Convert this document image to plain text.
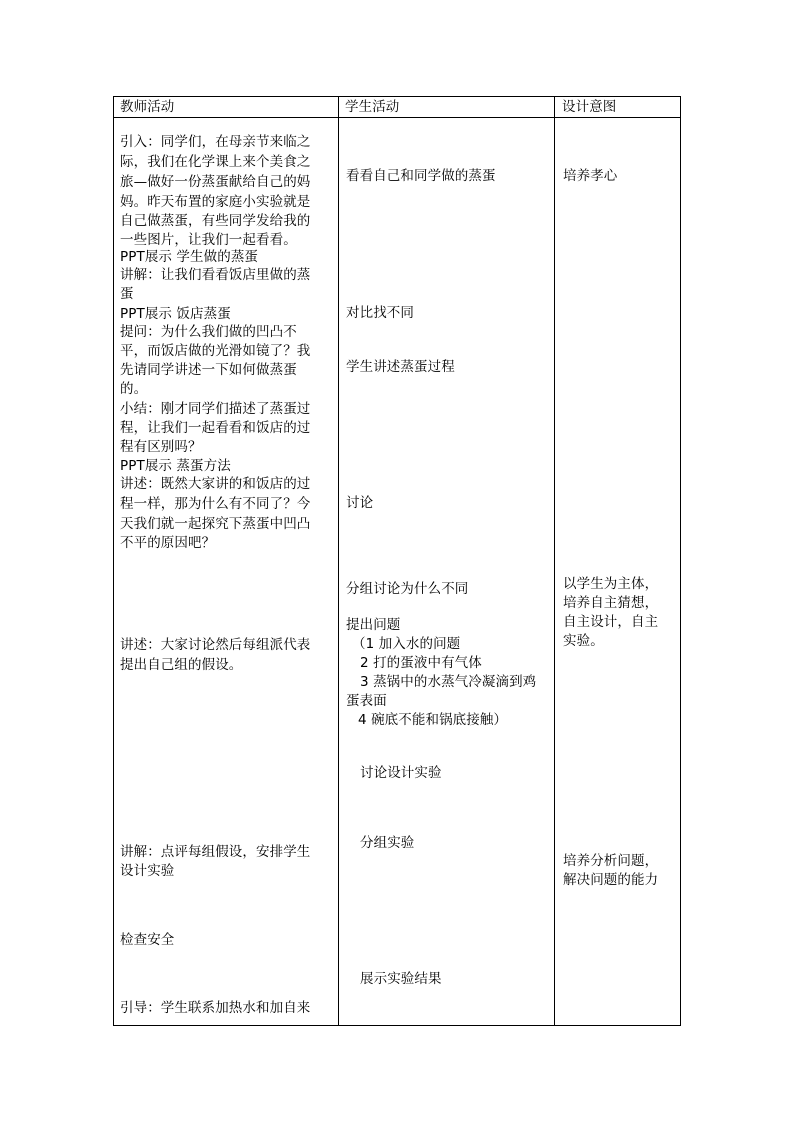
教师活动	学生活动	设计意图
引入：同学们，在母亲节来临之
际，我们在化学课上来个美食之
旅—做好一份蒸蛋献给自己的妈
妈。昨天布置的家庭小实验就是
自己做蒸蛋，有些同学发给我的
一些图片，让我们一起看看。
PPT展示 学生做的蒸蛋
讲解：让我们看看饭店里做的蒸
蛋
PPT展示 饭店蒸蛋
提问：为什么我们做的凹凸不
平，而饭店做的光滑如镜了？我
先请同学讲述一下如何做蒸蛋
的。
小结：刚才同学们描述了蒸蛋过
程，让我们一起看看和饭店的过
程有区别吗？
PPT展示 蒸蛋方法
讲述：既然大家讲的和饭店的过
程一样，那为什么有不同了？今
天我们就一起探究下蒸蛋中凹凸
不平的原因吧？
讲述：大家讨论然后每组派代表
提出自己组的假设。
讲解：点评每组假设，安排学生
设计实验
检查安全
引导：学生联系加热水和加自来
看看自己和同学做的蒸蛋
对比找不同
学生讲述蒸蛋过程
讨论
分组讨论为什么不同
提出问题
（1 加入水的问题
2 打的蛋液中有气体
3 蒸锅中的水蒸气冷凝滴到鸡
蛋表面
4 碗底不能和锅底接触）
讨论设计实验
分组实验
展示实验结果
培养孝心
以学生为主体，
培养自主猜想，
自主设计，自主
实验。
培养分析问题，
解决问题的能力
